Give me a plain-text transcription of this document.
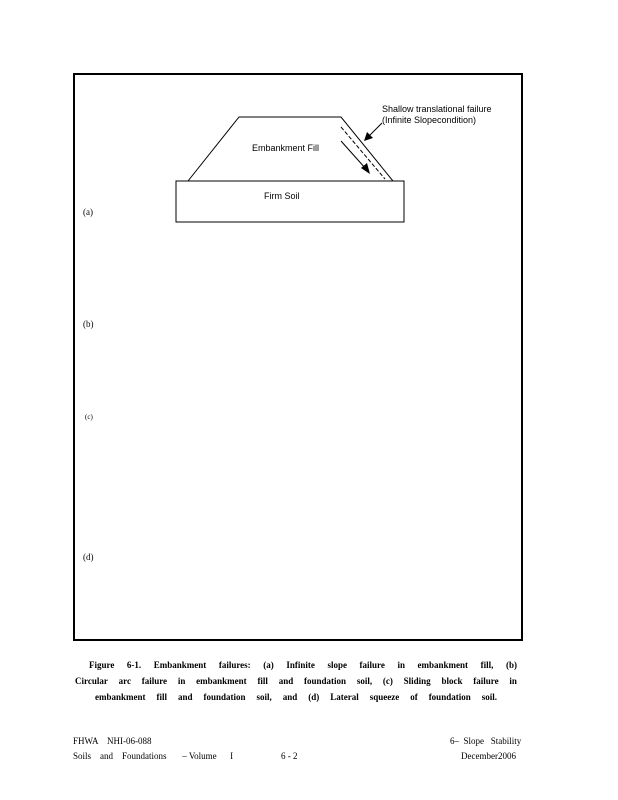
Embankment Fill
Firm Soil
Shallow translational failure
(Infinite Slopecondition)
(a)
(b)
(c)
(d)
Figure 6-1. Embankment failures: (a) Infinite slope failure in embankment fill, (b)
Circular arc failure in embankment fill and foundation soil, (c) Sliding block failure in
embankment fill and foundation soil, and (d) Lateral squeeze of foundation soil.
FHWA    NHI-06-088
Soils    and    Foundations       – Volume      I	6 - 2
6–  Slope   Stability
December2006
